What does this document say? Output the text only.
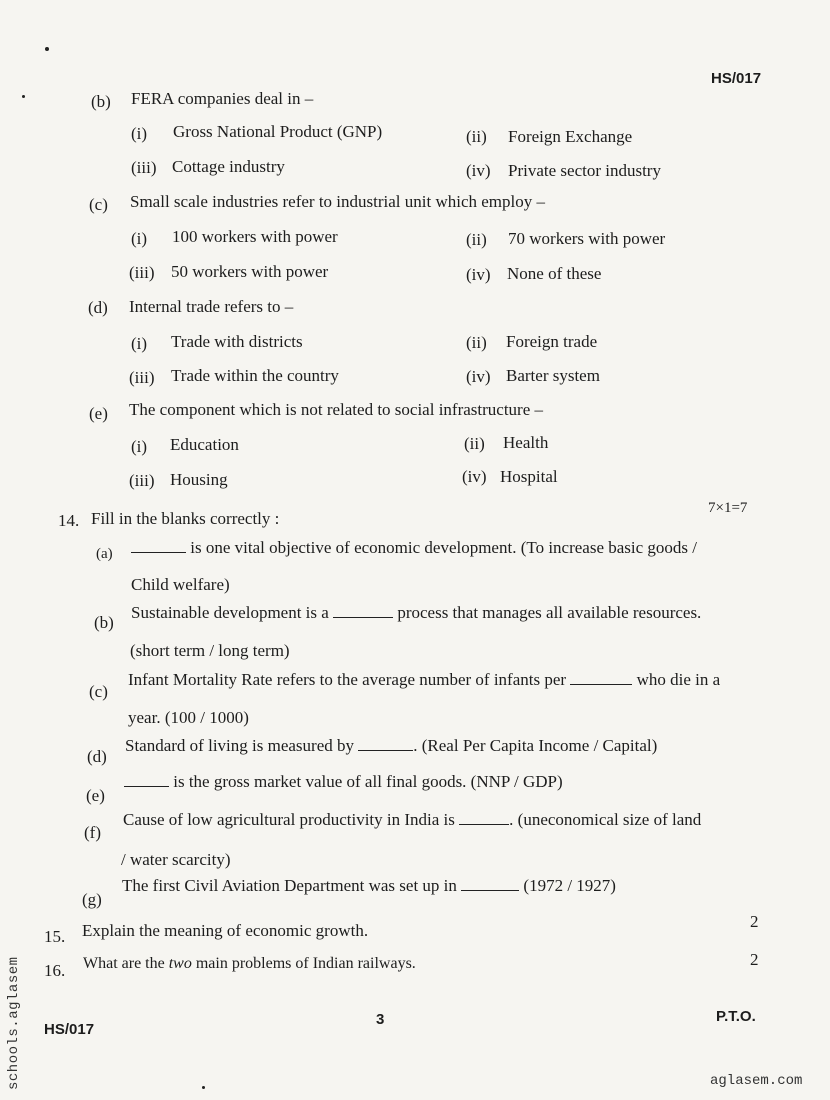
HS/017
(b) FERA companies deal in –
(i) Gross National Product (GNP)	(ii) Foreign Exchange
(iii) Cottage industry	(iv) Private sector industry
(c) Small scale industries refer to industrial unit which employ –
(i) 100 workers with power	(ii) 70 workers with power
(iii) 50 workers with power	(iv) None of these
(d) Internal trade refers to –
(i) Trade with districts	(ii) Foreign trade
(iii) Trade within the country	(iv) Barter system
(e) The component which is not related to social infrastructure –
(i) Education	(ii) Health
(iii) Housing	(iv) Hospital
14. Fill in the blanks correctly :
7×1=7
(a)	is one vital objective of economic development. (To increase basic goods /
Child welfare)
(b)
Sustainable development is a	process that manages all available resources.
(short term / long term)
(c)
Infant Mortality Rate refers to the average number of infants per	who die in a
year. (100 / 1000)
(d)
Standard of living is measured by	. (Real Per Capita Income / Capital)
(e)
is the gross market value of all final goods. (NNP / GDP)
(f)
Cause of low agricultural productivity in India is	. (uneconomical size of land
/ water scarcity)
(g)
The first Civil Aviation Department was set up in	(1972 / 1927)
15. Explain the meaning of economic growth.	2
16. What are the two main problems of Indian railways.	2
3
HS/017
P.T.O.
aglasem.com
schools.aglasem
